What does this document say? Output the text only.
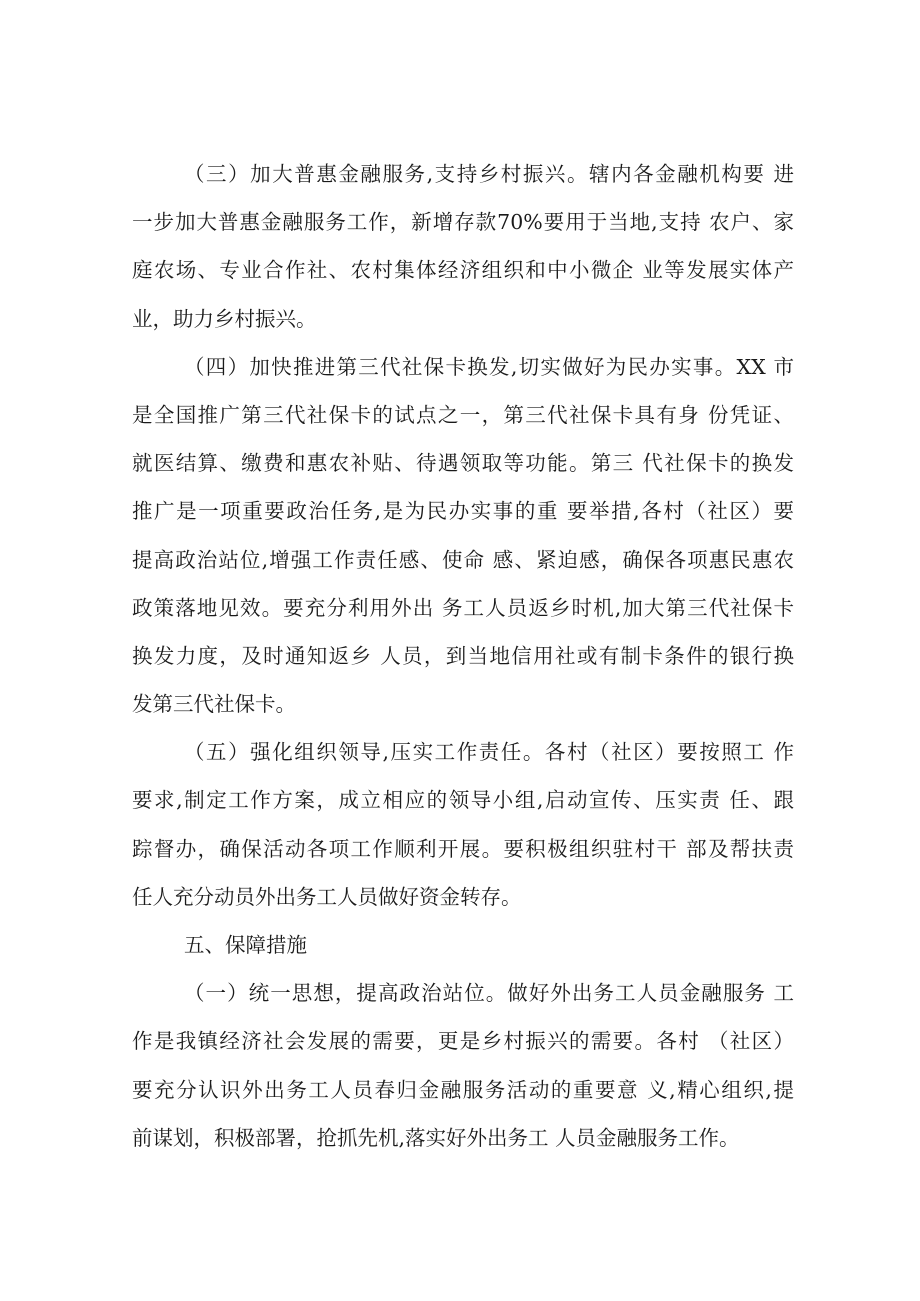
（三）加大普惠金融服务,支持乡村振兴。辖内各金融机构要 进
一步加大普惠金融服务工作，新增存款70%要用于当地,支持 农户、家
庭农场、专业合作社、农村集体经济组织和中小微企 业等发展实体产
业，助力乡村振兴。
（四）加快推进第三代社保卡换发,切实做好为民办实事。XX 市
是全国推广第三代社保卡的试点之一，第三代社保卡具有身 份凭证、
就医结算、缴费和惠农补贴、待遇领取等功能。第三 代社保卡的换发
推广是一项重要政治任务,是为民办实事的重 要举措,各村（社区）要
提高政治站位,增强工作责任感、使命 感、紧迫感，确保各项惠民惠农
政策落地见效。要充分利用外出 务工人员返乡时机,加大第三代社保卡
换发力度，及时通知返乡 人员，到当地信用社或有制卡条件的银行换
发第三代社保卡。
（五）强化组织领导,压实工作责任。各村（社区）要按照工 作
要求,制定工作方案，成立相应的领导小组,启动宣传、压实责 任、跟
踪督办，确保活动各项工作顺利开展。要积极组织驻村干 部及帮扶责
任人充分动员外出务工人员做好资金转存。
五、保障措施
（一）统一思想，提高政治站位。做好外出务工人员金融服务 工
作是我镇经济社会发展的需要，更是乡村振兴的需要。各村 （社区）
要充分认识外出务工人员春归金融服务活动的重要意 义,精心组织,提
前谋划，积极部署，抢抓先机,落实好外出务工 人员金融服务工作。
